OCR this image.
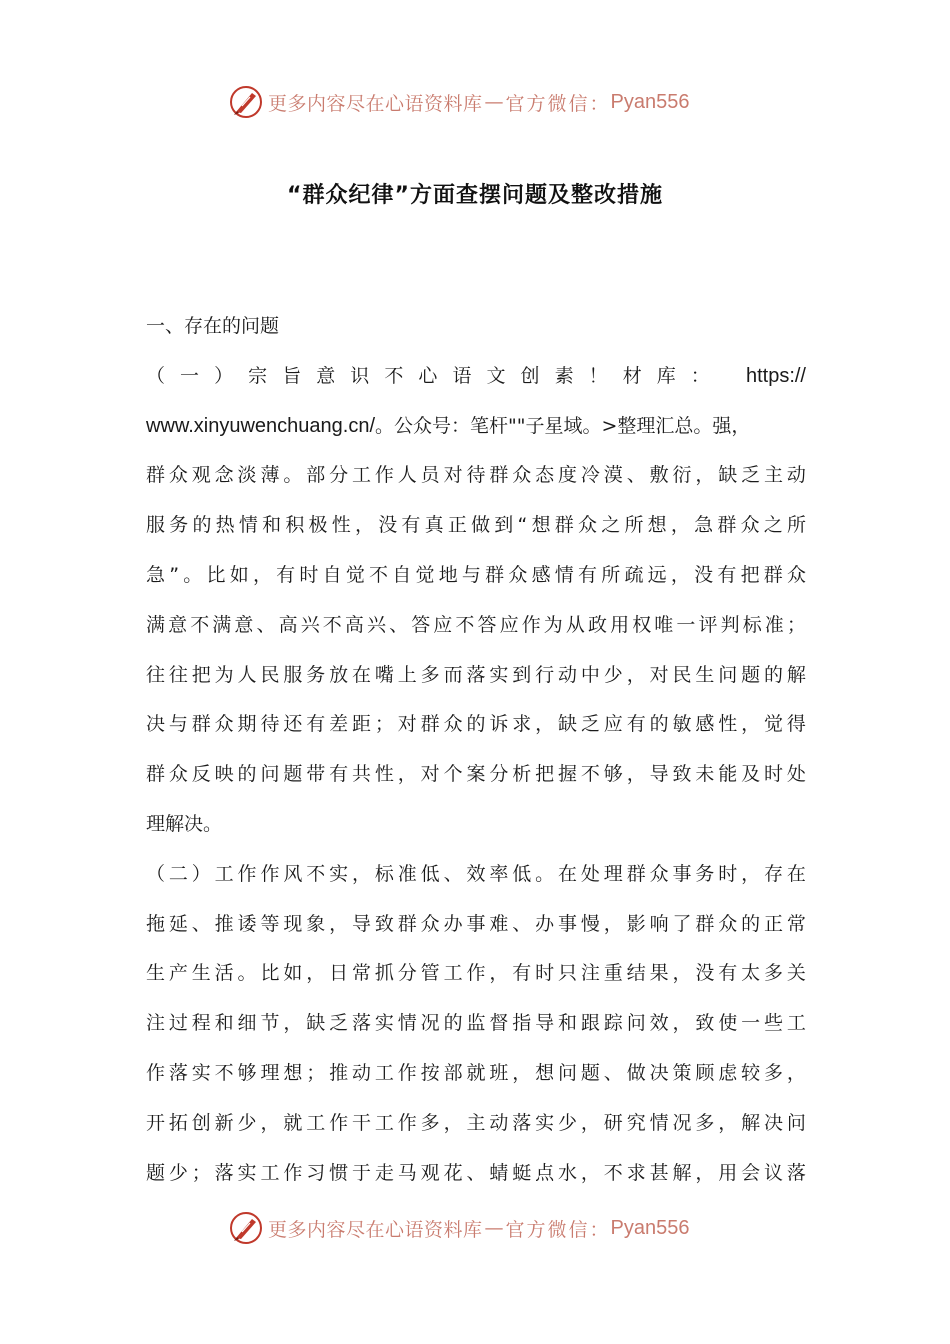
更多内容尽在心语资料库 — 官方微信： Pyan556
“群众纪律”方面查摆问题及整改措施
一、存在的问题
（一）宗旨意识不心语文创素！材库： https://
www.xinyuwenchuang.cn/。公众号：笔杆""子星域。>整理汇总。强，
群众观念淡薄。部分工作人员对待群众态度冷漠、敷衍，缺乏主动
服务的热情和积极性，没有真正做到“想群众之所想，急群众之所
急”。比如，有时自觉不自觉地与群众感情有所疏远，没有把群众
满意不满意、高兴不高兴、答应不答应作为从政用权唯一评判标准；
往往把为人民服务放在嘴上多而落实到行动中少，对民生问题的解
决与群众期待还有差距；对群众的诉求，缺乏应有的敏感性，觉得
群众反映的问题带有共性，对个案分析把握不够，导致未能及时处
理解决。
（二）工作作风不实，标准低、效率低。在处理群众事务时，存在
拖延、推诿等现象，导致群众办事难、办事慢，影响了群众的正常
生产生活。比如，日常抓分管工作，有时只注重结果，没有太多关
注过程和细节，缺乏落实情况的监督指导和跟踪问效，致使一些工
作落实不够理想；推动工作按部就班，想问题、做决策顾虑较多，
开拓创新少，就工作干工作多，主动落实少，研究情况多，解决问
题少；落实工作习惯于走马观花、蜻蜓点水，不求甚解，用会议落
更多内容尽在心语资料库 — 官方微信： Pyan556
